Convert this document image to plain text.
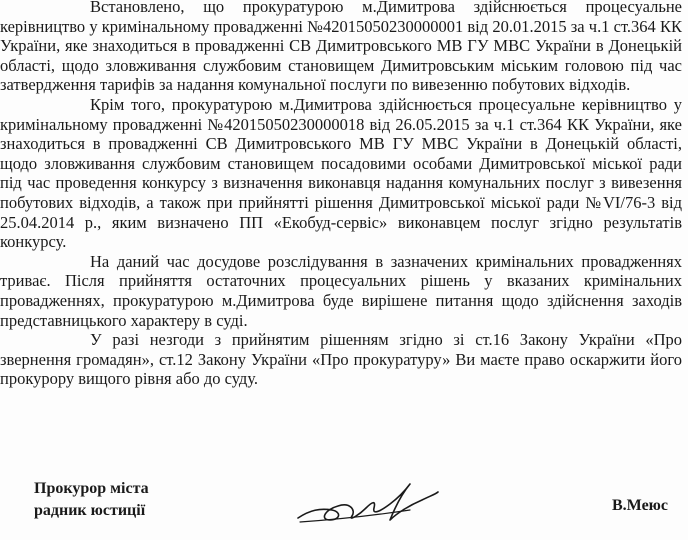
Встановлено, що прокуратурою м.Димитрова здійснюється процесуальне керівництво у кримінальному провадженні №42015050230000001 від 20.01.2015 за ч.1 ст.364 КК України, яке знаходиться в провадженні СВ Димитровського МВ ГУ МВС України в Донецькій області, щодо зловживання службовим становищем Димитровським міським головою під час затвердження тарифів за надання комунальної послуги по вивезенню побутових відходів.

Крім того, прокуратурою м.Димитрова здійснюється процесуальне керівництво у кримінальному провадженні №42015050230000018 від 26.05.2015 за ч.1 ст.364 КК України, яке знаходиться в провадженні СВ Димитровського МВ ГУ МВС України в Донецькій області, щодо зловживання службовим становищем посадовими особами Димитровської міської ради під час проведення конкурсу з визначення виконавця надання комунальних послуг з вивезення побутових відходів, а також при прийнятті рішення Димитровської міської ради №VI/76-3 від 25.04.2014 р., яким визначено ПП «Екобуд-сервіс» виконавцем послуг згідно результатів конкурсу.

На даний час досудове розслідування в зазначених кримінальних провадженнях триває. Після прийняття остаточних процесуальних рішень у вказаних кримінальних провадженнях, прокуратурою м.Димитрова буде вирішене питання щодо здійснення заходів представницького характеру в суді.

У разі незгоди з прийнятим рішенням згідно зі ст.16 Закону України «Про звернення громадян», ст.12 Закону України «Про прокуратуру» Ви маєте право оскаржити його прокурору вищого рівня або до суду.

Прокурор міста
радник юстиції	В.Меюс
